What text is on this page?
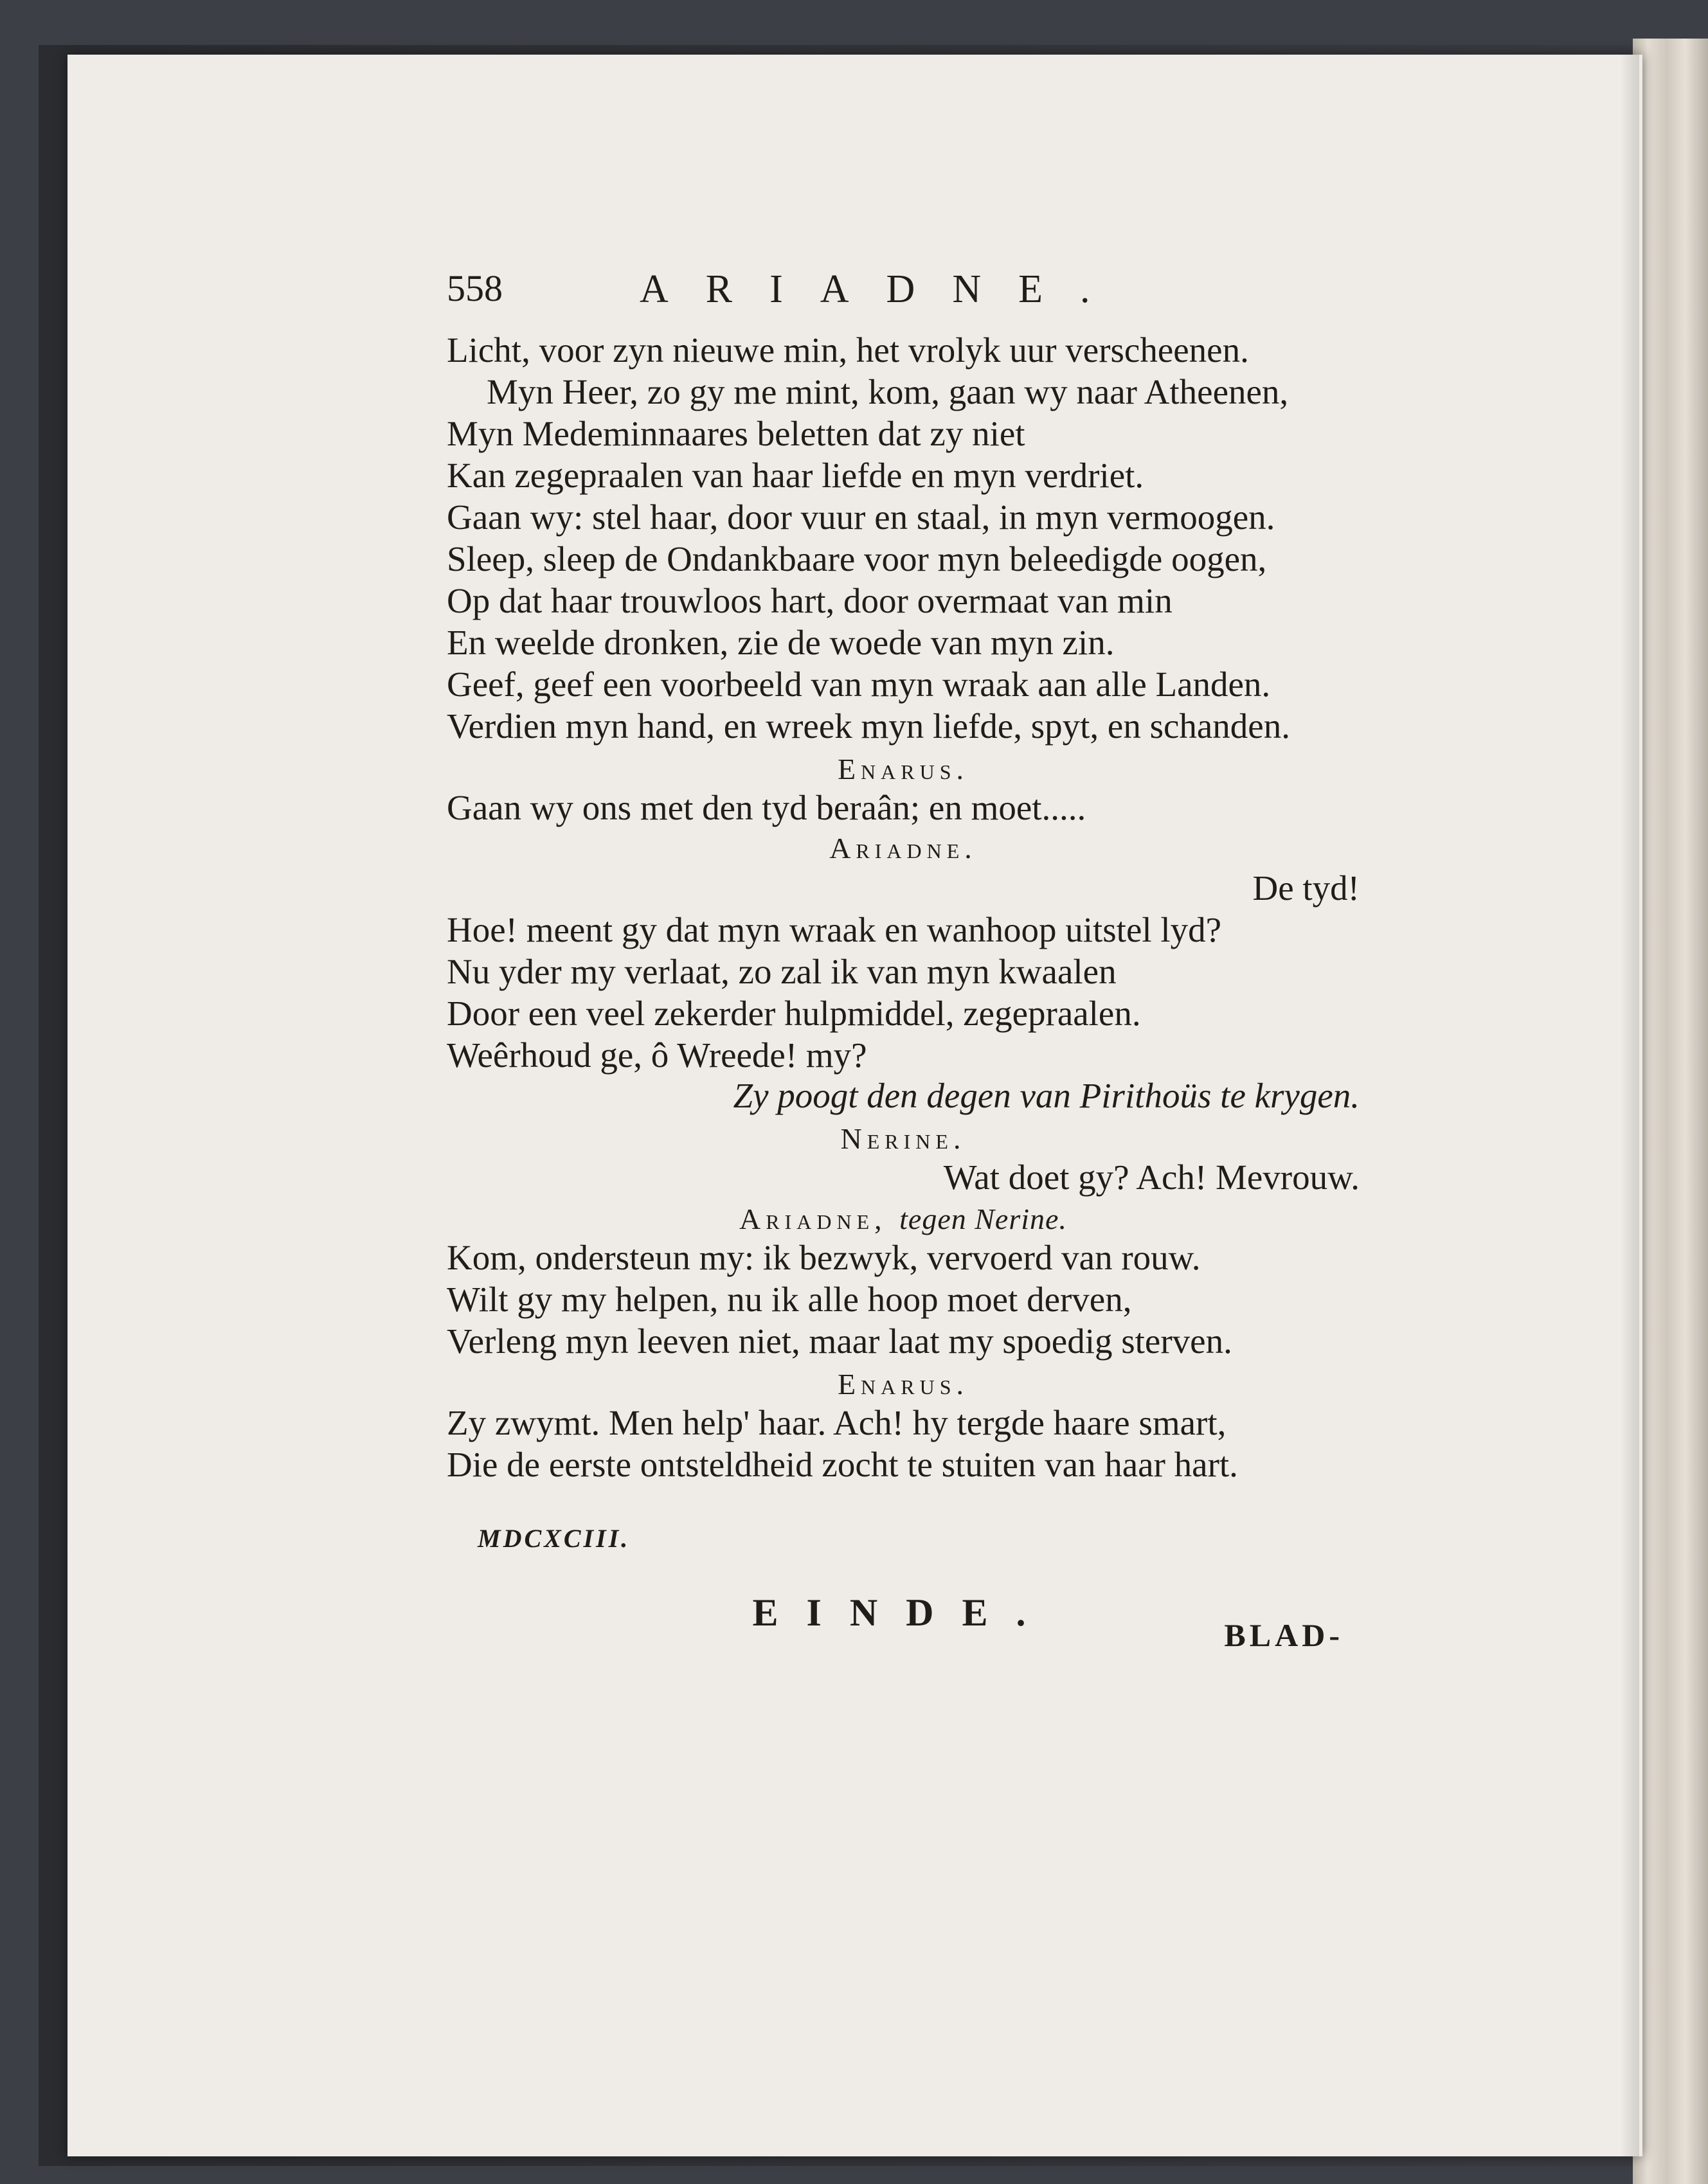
558	ARIADNE.
Licht, voor zyn nieuwe min, het vrolyk uur verscheenen.
Myn Heer, zo gy me mint, kom, gaan wy naar Atheenen,
Myn Medeminnaares beletten dat zy niet
Kan zegepraalen van haar liefde en myn verdriet.
Gaan wy: stel haar, door vuur en staal, in myn vermoogen.
Sleep, sleep de Ondankbaare voor myn beleedigde oogen,
Op dat haar trouwloos hart, door overmaat van min
En weelde dronken, zie de woede van myn zin.
Geef, geef een voorbeeld van myn wraak aan alle Landen.
Verdien myn hand, en wreek myn liefde, spyt, en schanden.
Enarus.
Gaan wy ons met den tyd beraân; en moet.....
Ariadne.
De tyd!
Hoe! meent gy dat myn wraak en wanhoop uitstel lyd?
Nu yder my verlaat, zo zal ik van myn kwaalen
Door een veel zekerder hulpmiddel, zegepraalen.
Weêrhoud ge, ô Wreede! my?
Zy poogt den degen van Pirithoüs te krygen.
Nerine.
Wat doet gy? Ach! Mevrouw.
Ariadne, tegen Nerine.
Kom, ondersteun my: ik bezwyk, vervoerd van rouw.
Wilt gy my helpen, nu ik alle hoop moet derven,
Verleng myn leeven niet, maar laat my spoedig sterven.
Enarus.
Zy zwymt. Men help' haar. Ach! hy tergde haare smart,
Die de eerste ontsteldheid zocht te stuiten van haar hart.
MDCXCIII.
EINDE.
BLAD-
